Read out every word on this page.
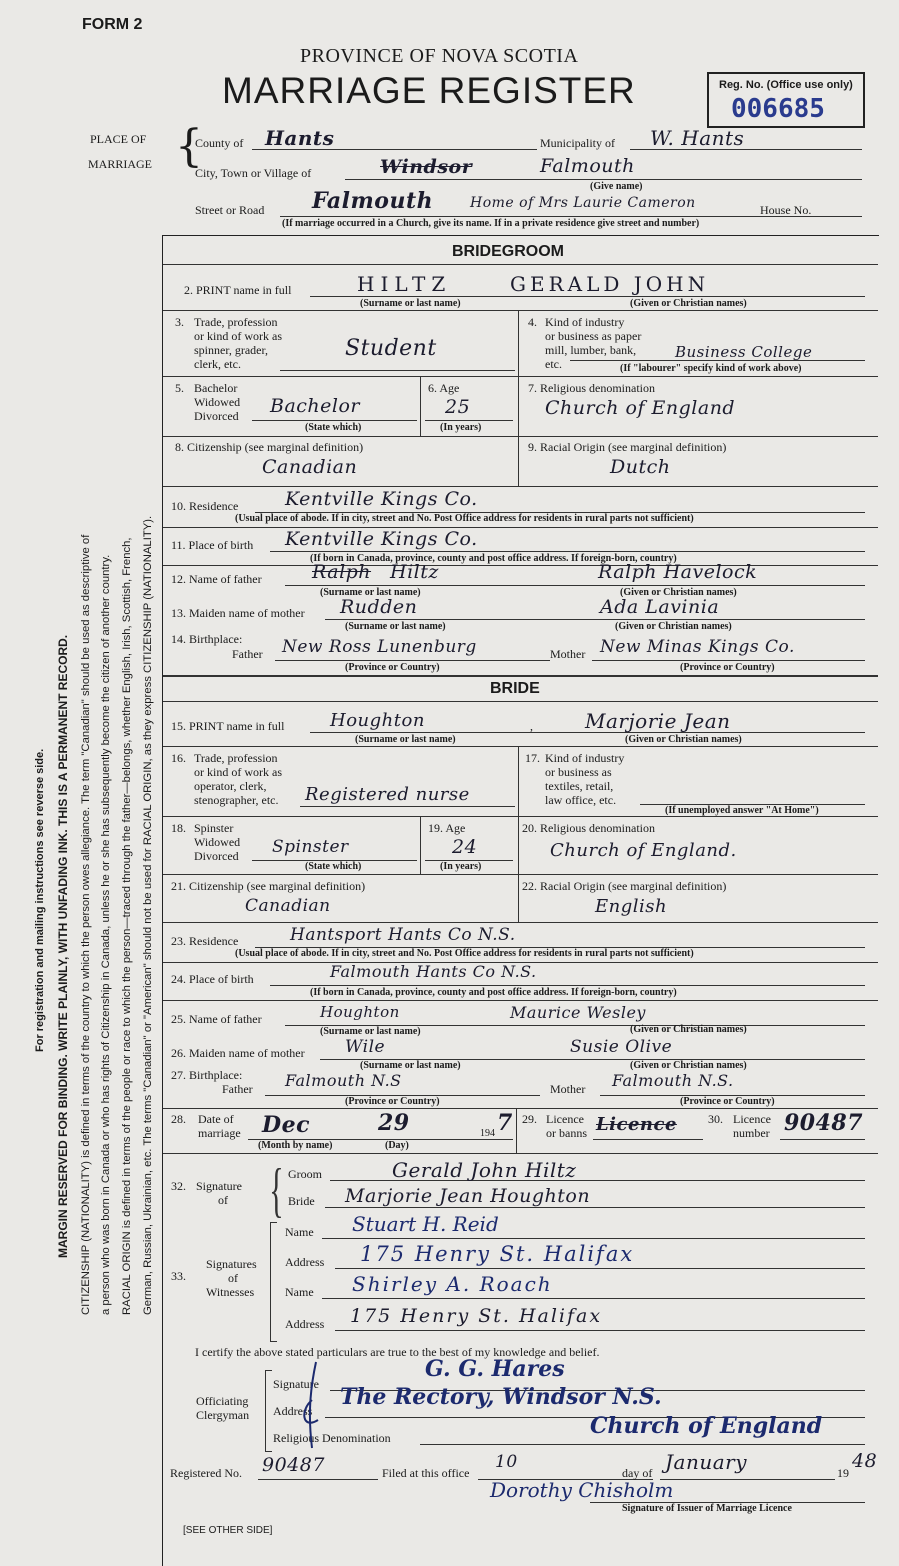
FORM 2
PROVINCE OF NOVA SCOTIA
MARRIAGE REGISTER	Reg. No. (Office use only)
006685
For registration and mailing instructions see reverse side. MARGIN RESERVED FOR BINDING. WRITE PLAINLY, WITH UNFADING INK. THIS IS A PERMANENT RECORD. CITIZENSHIP (NATIONALITY) is defined in terms of the country to which the person owes allegiance. The term "Canadian" should be used as descriptive of a person who was born in Canada or who has rights of Citizenship in Canada, unless he or she has subsequently become the citizen of another country. RACIAL ORIGIN is defined in terms of the people or race to which the person—traced through the father—belongs, whether English, Irish, Scottish, French, German, Russian, Ukrainian, etc. The terms "Canadian" or "American" should not be used for RACIAL ORIGIN, as they express CITIZENSHIP (NATIONALITY).
PLACE OF
MARRIAGE {
County of Hants	Municipality of W. Hants
City, Town or Village of	Windsor	Falmouth
(Give name)
Street or Road Falmouth	Home of Mrs Laurie Cameron	House No.
(If marriage occurred in a Church, give its name. If in a private residence give street and number)
BRIDEGROOM
2. PRINT name in full	HILTZ	GERALD JOHN
(Surname or last name)	(Given or Christian names)
3. Trade, profession
or kind of work as
spinner, grader,
clerk, etc.
Student
4. Kind of industry
or business as paper
mill, lumber, bank,
etc.
Business College
(If "labourer" specify kind of work above)
5. Bachelor
Widowed
Divorced Bachelor
(State which)
6. Age
25
(In years)
7. Religious denomination
Church of England
8. Citizenship (see marginal definition)
Canadian
9. Racial Origin (see marginal definition)
Dutch
10. Residence Kentville Kings Co.
(Usual place of abode. If in city, street and No. Post Office address for residents in rural parts not sufficient)
11. Place of birth Kentville Kings Co.
(If born in Canada, province, county and post office address. If foreign-born, country)
12. Name of father	Ralph Hiltz	Ralph Havelock
(Surname or last name)	(Given or Christian names)
13. Maiden name of mother Rudden	Ada Lavinia
(Surname or last name)	(Given or Christian names)
14. Birthplace:
Father New Ross Lunenburg	Mother New Minas Kings Co.
(Province or Country)	(Province or Country)
BRIDE
15. PRINT name in full	Houghton	,	Marjorie Jean
(Surname or last name)	(Given or Christian names)
16. Trade, profession
or kind of work as
operator, clerk,
stenographer, etc. Registered nurse
17. Kind of industry
or business as
textiles, retail,
law office, etc.
(If unemployed answer "At Home")
18. Spinster
Widowed
Divorced Spinster
(State which)
19. Age
24
(In years)
20. Religious denomination
Church of England.
21. Citizenship (see marginal definition)
Canadian
22. Racial Origin (see marginal definition)
English
23. Residence	Hantsport Hants Co N.S.
(Usual place of abode. If in city, street and No. Post Office address for residents in rural parts not sufficient)
24. Place of birth	Falmouth Hants Co N.S.
(If born in Canada, province, county and post office address. If foreign-born, country)
25. Name of father	Houghton	Maurice Wesley
(Surname or last name)	(Given or Christian names)
26. Maiden name of mother Wile	Susie Olive
(Surname or last name)	(Given or Christian names)
27. Birthplace:
Father Falmouth N.S	Mother Falmouth N.S.
(Province or Country)	(Province or Country)
28. Date of
marriage Dec	29	194 7
(Month by name)	(Day)
29. Licence
or banns Licence	30. Licence
number 90487
32. Signature
of { Groom	Gerald John Hiltz
Bride Marjorie Jean Houghton
33.
Signatures
of
Witnesses
Name Stuart H. Reid
Address 175 Henry St. Halifax
Name Shirley A. Roach
Address 175 Henry St. Halifax
I certify the above stated particulars are true to the best of my knowledge and belief.
Officiating
Clergyman
Signature
G. G. Hares
Address
The Rectory, Windsor N.S.
Religious Denomination	Church of England
Registered No. 90487	Filed at this office
10
day of January	19
48
Dorothy Chisholm
Signature of Issuer of Marriage Licence
[SEE OTHER SIDE]
